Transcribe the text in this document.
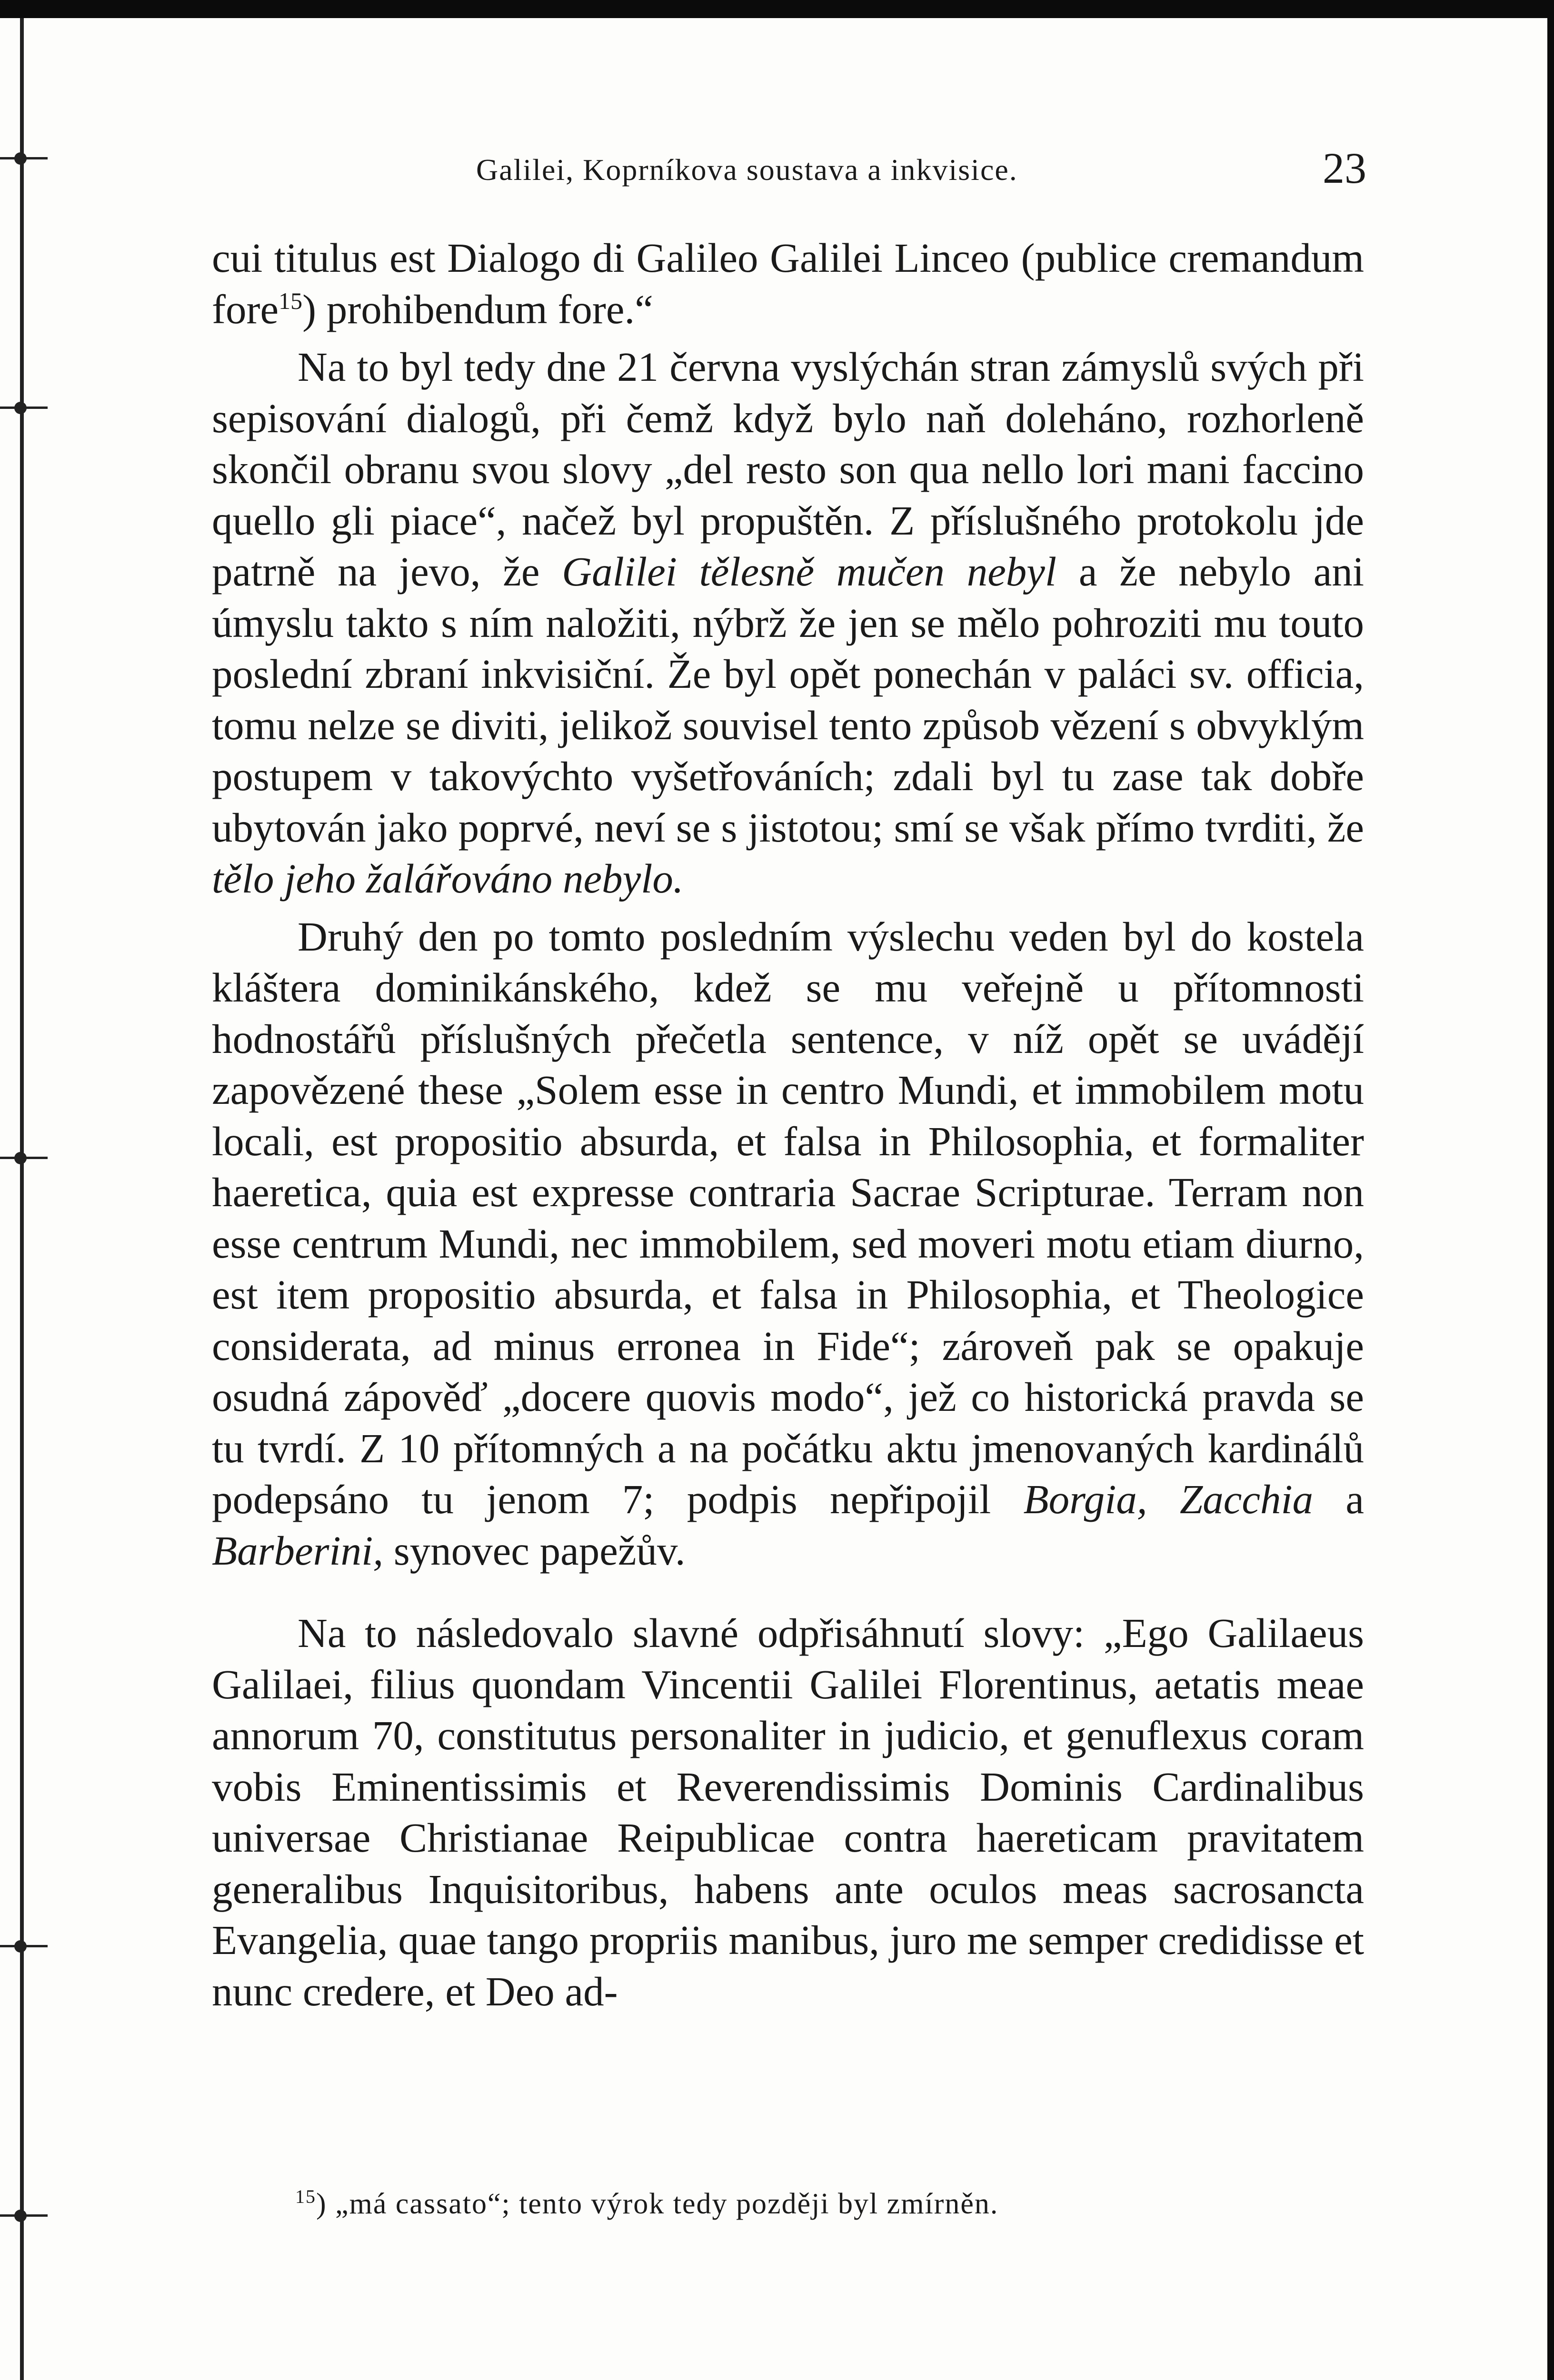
Galilei, Koprníkova soustava a inkvisice.	23

cui titulus est Dialogo di Galileo Galilei Linceo (publice cremandum fore$^{15}$) prohibendum fore.“

Na to byl tedy dne 21 června vyslýchán stran zámyslů svých při sepisování dialogů, při čemž když bylo naň doleháno, rozhorleně skončil obranu svou slovy „del resto son qua nello lori mani faccino quello gli piace“, načež byl propuštěn. Z příslušného protokolu jde patrně na jevo, že Galilei tělesně mučen nebyl a že nebylo ani úmyslu takto s ním naložiti, nýbrž že jen se mělo pohroziti mu touto poslední zbraní inkvisiční. Že byl opět ponechán v paláci sv. officia, tomu nelze se diviti, jelikož souvisel tento způsob vězení s obvyklým postupem v takovýchto vyšetřováních; zdali byl tu zase tak dobře ubytován jako poprvé, neví se s jistotou; smí se však přímo tvrditi, že tělo jeho žalářováno nebylo.

Druhý den po tomto posledním výslechu veden byl do kostela kláštera dominikánského, kdež se mu veřejně u přítomnosti hodnostářů příslušných přečetla sentence, v níž opět se uvádějí zapovězené these „Solem esse in centro Mundi, et immobilem motu locali, est propositio absurda, et falsa in Philosophia, et formaliter haeretica, quia est expresse contraria Sacrae Scripturae. Terram non esse centrum Mundi, nec immobilem, sed moveri motu etiam diurno, est item propositio absurda, et falsa in Philosophia, et Theologice considerata, ad minus erronea in Fide“; zároveň pak se opakuje osudná zápověď „docere quovis modo“, jež co historická pravda se tu tvrdí. Z 10 přítomných a na počátku aktu jmenovaných kardinálů podepsáno tu jenom 7; podpis nepřipojil Borgia, Zacchia a Barberini, synovec papežův.

Na to následovalo slavné odpřisáhnutí slovy: „Ego Galilaeus Galilaei, filius quondam Vincentii Galilei Florentinus, aetatis meae annorum 70, constitutus personaliter in judicio, et genuflexus coram vobis Eminentissimis et Reverendissimis Dominis Cardinalibus universae Christianae Reipublicae contra haereticam pravitatem generalibus Inquisitoribus, habens ante oculos meas sacrosancta Evangelia, quae tango propriis manibus, juro me semper credidisse et nunc credere, et Deo ad-

$^{15}$) „má cassato“; tento výrok tedy později byl zmírněn.
